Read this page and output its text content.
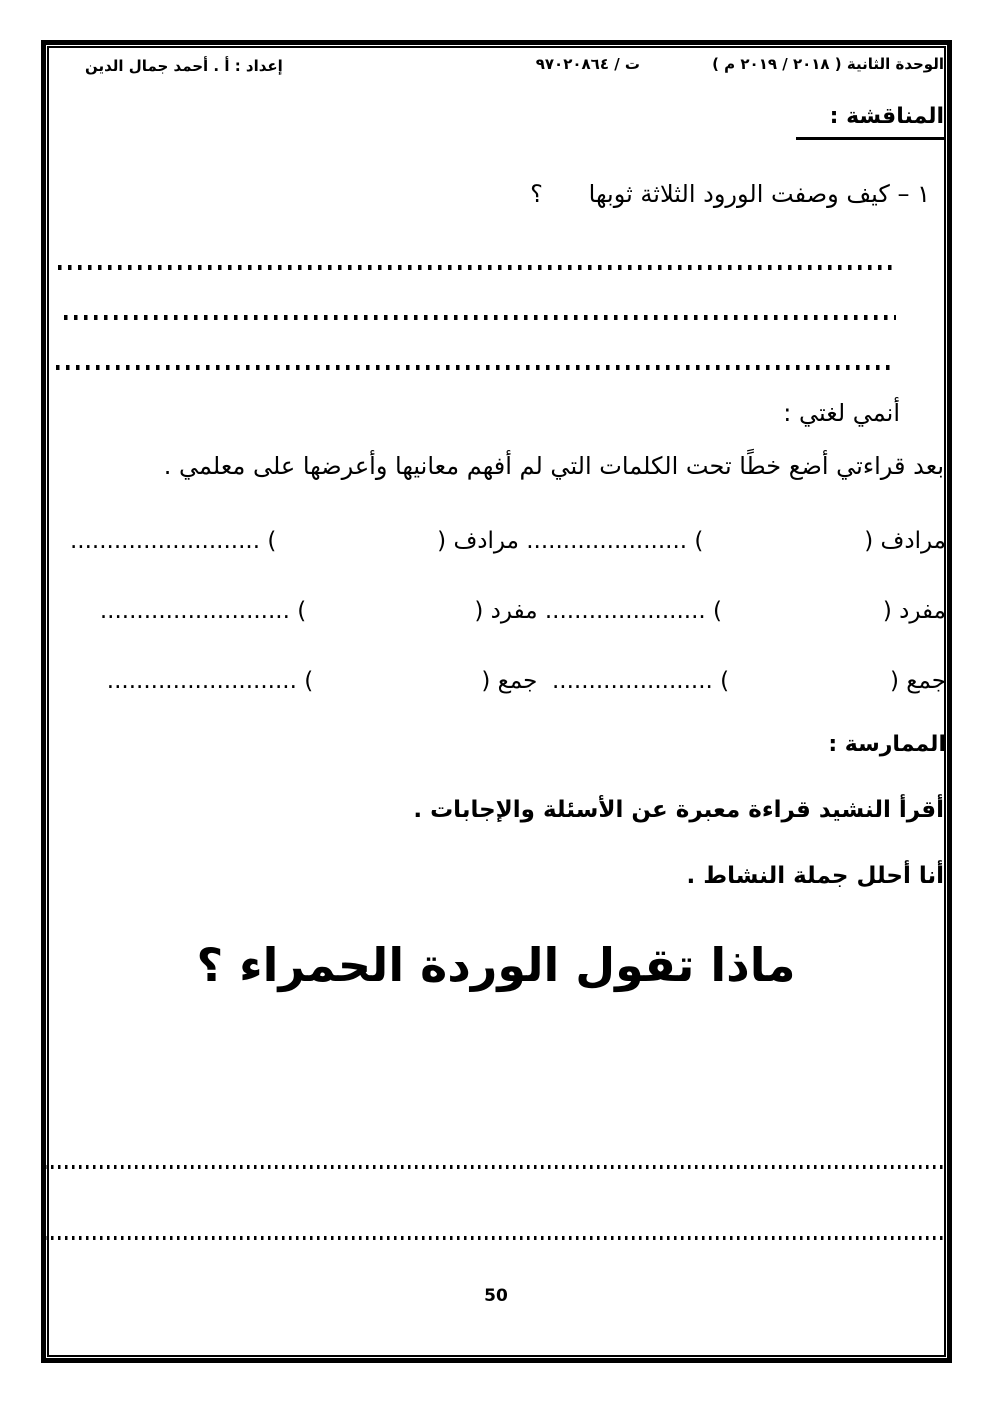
الوحدة الثانية ( ٢٠١٨ / ٢٠١٩ م )
ت / ٩٧٠٢٠٨٦٤
إعداد : أ . أحمد جمال الدين
المناقشة :
١ – كيف وصفت الورود الثلاثة ثوبها      ؟
أنمي لغتي :
بعد قراءتي أضع خطًا تحت الكلمات التي لم أفهم معانيها وأعرضها على معلمي .
مرادف (                      ) ...................... مرادف (                      ) ..........................
مفرد (                      ) ...................... مفرد (                       ) ..........................
جمع (                      ) ......................  جمع (                       ) ..........................
الممارسة :
أقرأ النشيد قراءة معبرة عن الأسئلة والإجابات .
أنا أحلل جملة النشاط .
ماذا تقول الوردة الحمراء ؟
50
